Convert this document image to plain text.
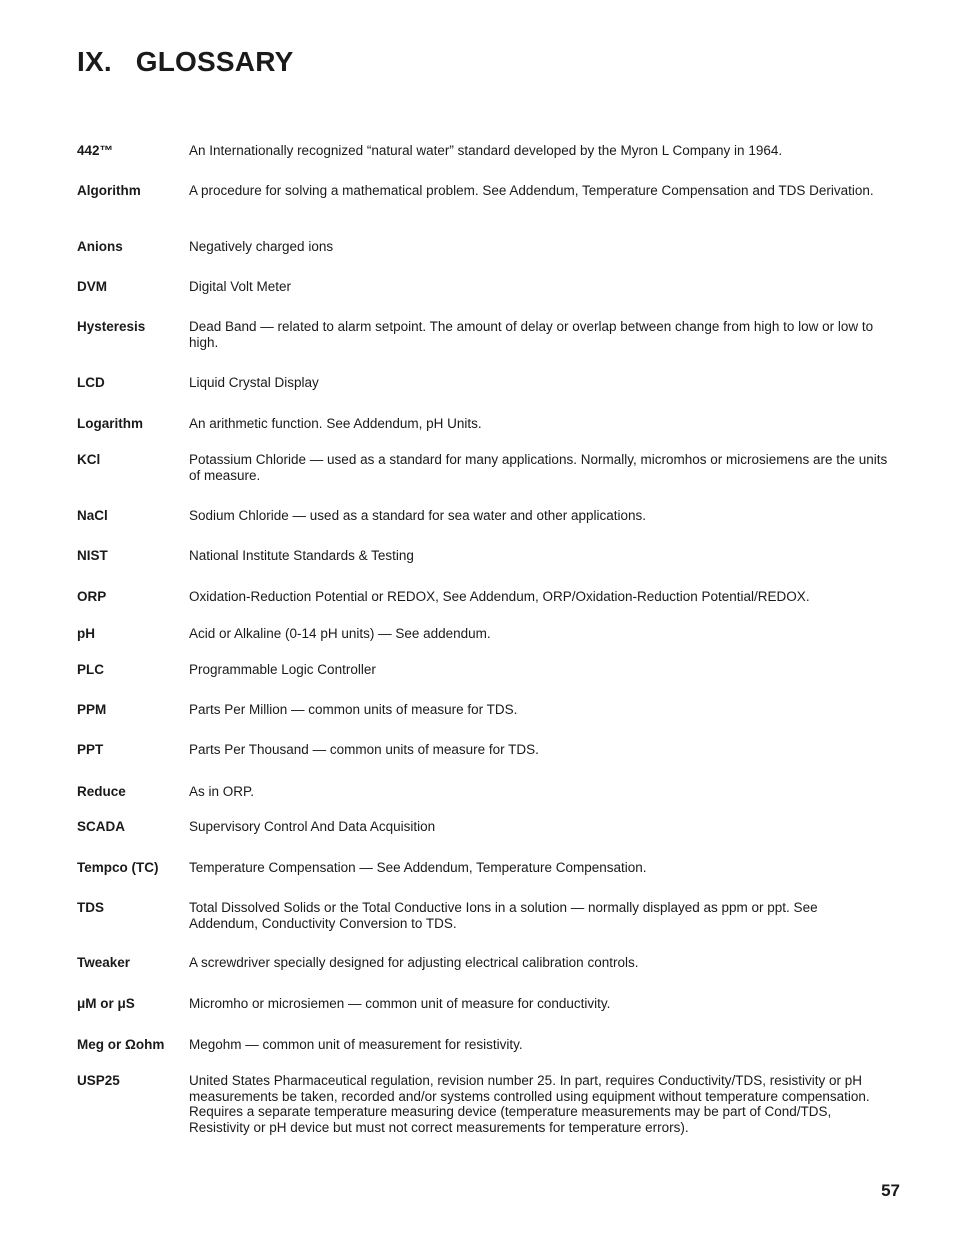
IX.   GLOSSARY
442™	An Internationally recognized “natural water” standard developed by the Myron L Company in 1964.
Algorithm	A procedure for solving a mathematical problem. See Addendum, Temperature Compensation and TDS Derivation.
Anions	Negatively charged ions
DVM	Digital Volt Meter
Hysteresis	Dead Band — related to alarm setpoint. The amount of delay or overlap between change from high to low or low to high.
LCD	Liquid Crystal Display
Logarithm	An arithmetic function. See Addendum, pH Units.
KCl	Potassium Chloride — used as a standard for many applications. Normally, micromhos or microsiemens are the units of measure.
NaCl	Sodium Chloride — used as a standard for sea water and other applications.
NIST	National Institute Standards & Testing
ORP	Oxidation-Reduction Potential or REDOX, See Addendum, ORP/Oxidation-Reduction Potential/REDOX.
pH	Acid or Alkaline (0-14 pH units) — See addendum.
PLC	Programmable Logic Controller
PPM	Parts Per Million — common units of measure for TDS.
PPT	Parts Per Thousand — common units of measure for TDS.
Reduce	As in ORP.
SCADA	Supervisory Control And Data Acquisition
Tempco (TC)	Temperature Compensation — See Addendum, Temperature Compensation.
TDS	Total Dissolved Solids or the Total Conductive Ions in a solution — normally displayed as ppm or ppt. See Addendum, Conductivity Conversion to TDS.
Tweaker	A screwdriver specially designed for adjusting electrical calibration controls.
μM or μS	Micromho or microsiemen — common unit of measure for conductivity.
Meg or Ωohm	Megohm — common unit of measurement for resistivity.
USP25	United States Pharmaceutical regulation, revision number 25. In part, requires Conductivity/TDS, resistivity or pH measurements be taken, recorded and/or systems controlled using equipment without temperature compensation. Requires a separate temperature measuring device (temperature measurements may be part of Cond/TDS, Resistivity or pH device but must not correct measurements for temperature errors).
57
